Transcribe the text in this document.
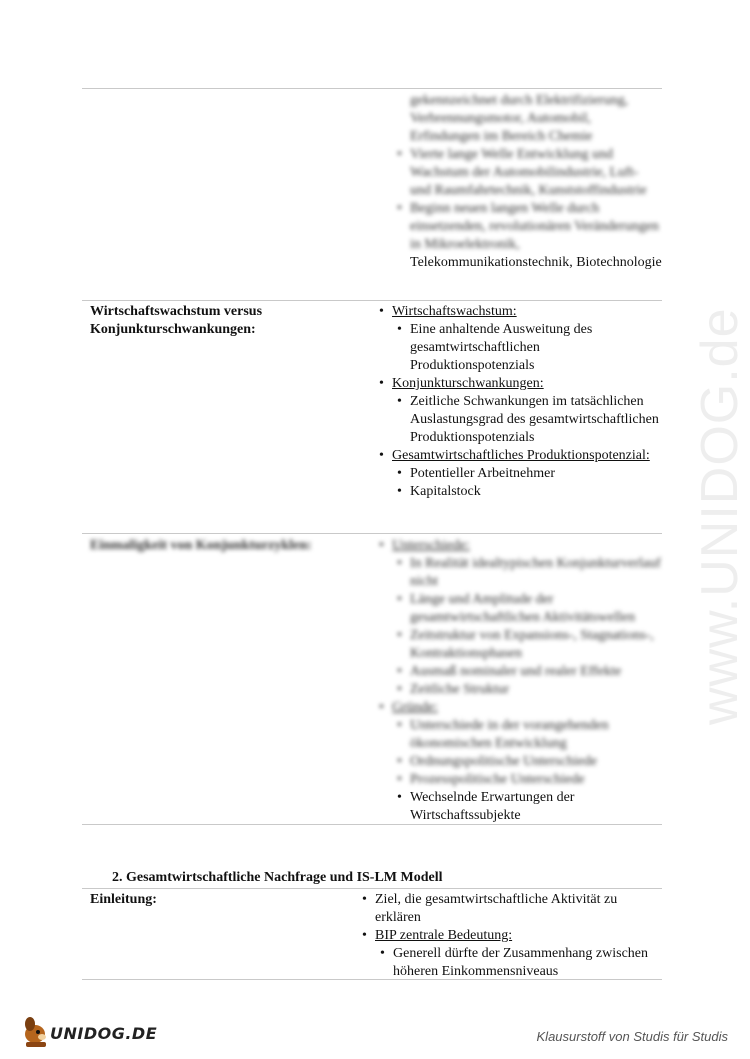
www.UNIDOG.de
gekennzeichnet durch Elektrifizierung, Verbrennungsmotor, Automobil, Erfindungen im Bereich Chemie
• Vierte lange Welle Entwicklung und Wachstum der Automobilindustrie, Luft- und Raumfahrtechnik, Kunststoffindustrie
• Beginn neuen langen Welle durch einsetzenden, revolutionären Veränderungen in Mikroelektronik,
Telekommunikationstechnik, Biotechnologie
Wirtschaftswachstum versus Konjunkturschwankungen:
• Wirtschaftswachstum:
• Eine anhaltende Ausweitung des gesamtwirtschaftlichen Produktionspotenzials
• Konjunkturschwankungen:
• Zeitliche Schwankungen im tatsächlichen Auslastungsgrad des gesamtwirtschaftlichen Produktionspotenzials
• Gesamtwirtschaftliches Produktionspotenzial:
• Potentieller Arbeitnehmer
• Kapitalstock
Einmaligkeit von Konjunkturzyklen:	• Unterschiede:
• In Realität idealtypischen Konjunkturverlauf nicht
• Länge und Amplitude der gesamtwirtschaftlichen Aktivitätswellen
• Zeitstruktur von Expansions-, Stagnations-, Kontraktionsphasen
• Ausmaß nominaler und realer Effekte
• Zeitliche Struktur
• Gründe:
• Unterschiede in der vorangehenden ökonomischen Entwicklung
• Ordnungspolitische Unterschiede
• Prozesspolitische Unterschiede
• Wechselnde Erwartungen der Wirtschaftssubjekte
2. Gesamtwirtschaftliche Nachfrage und IS-LM Modell
Einleitung:	• Ziel, die gesamtwirtschaftliche Aktivität zu erklären
• BIP zentrale Bedeutung:
• Generell dürfte der Zusammenhang zwischen höheren Einkommensniveaus
UNIDOG.DE	Klausurstoff von Studis für Studis
